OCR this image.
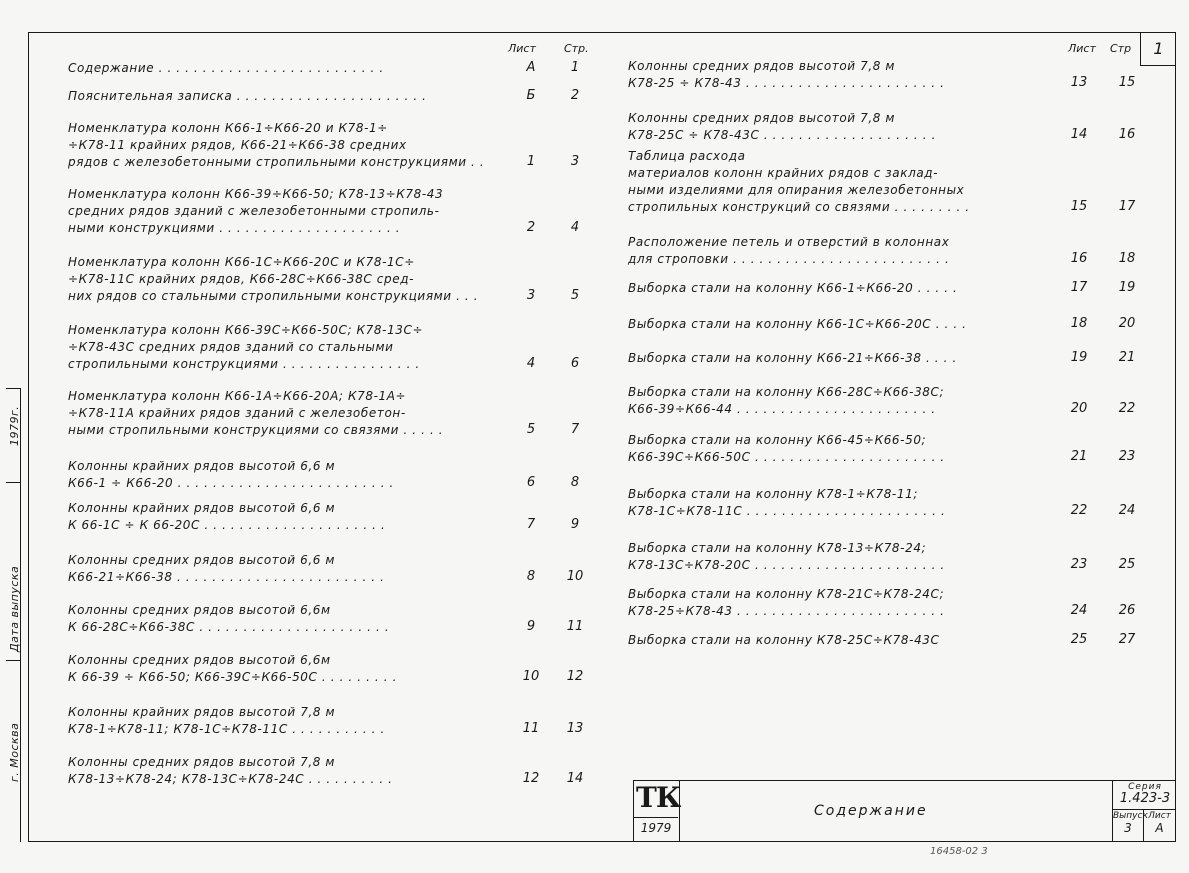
1
1979г.
Дата выпуска
г. Москва
Лист	Стр.	Лист Стр
Содержание . . . . . . . . . . . . . . . . . . . . . . . . . .	А	1
Пояснительная записка . . . . . . . . . . . . . . . . . . . . . .	Б	2
Номенклатура колонн К66-1÷К66-20 и К78-1÷
÷К78-11 крайних рядов, К66-21÷К66-38 средних
рядов с железобетонными стропильными конструкциями . .	1	3
Номенклатура колонн К66-39÷К66-50; К78-13÷К78-43
средних рядов зданий с железобетонными стропиль-
ными конструкциями . . . . . . . . . . . . . . . . . . . . .	2	4
Номенклатура колонн К66-1С÷К66-20С и К78-1С÷
÷К78-11С крайних рядов, К66-28С÷К66-38С сред-
них рядов со стальными стропильными конструкциями . . .	3	5
Номенклатура колонн К66-39С÷К66-50С; К78-13С÷
÷К78-43С средних рядов зданий со стальными
стропильными конструкциями . . . . . . . . . . . . . . . .	4	6
Номенклатура колонн К66-1А÷К66-20А; К78-1А÷
÷К78-11А крайних рядов зданий с железобетон-
ными стропильными конструкциями со связями . . . . .	5	7
Колонны крайних рядов высотой 6,6 м
К66-1 ÷ К66-20 . . . . . . . . . . . . . . . . . . . . . . . . .	6	8
Колонны крайних рядов высотой 6,6 м
К 66-1С ÷ К 66-20С . . . . . . . . . . . . . . . . . . . . .	7	9
Колонны средних рядов высотой 6,6 м
К66-21÷К66-38 . . . . . . . . . . . . . . . . . . . . . . . .	8	10
Колонны средних рядов высотой 6,6м
К 66-28С÷К66-38С . . . . . . . . . . . . . . . . . . . . . .	9	11
Колонны средних рядов высотой 6,6м
К 66-39 ÷ К66-50; К66-39С÷К66-50С . . . . . . . . .	10	12
Колонны крайних рядов высотой 7,8 м
К78-1÷К78-11; К78-1С÷К78-11С . . . . . . . . . . .	11	13
Колонны средних рядов высотой 7,8 м
К78-13÷К78-24; К78-13С÷К78-24С . . . . . . . . . .	12	14
Колонны средних рядов высотой 7,8 м
К78-25 ÷ К78-43 . . . . . . . . . . . . . . . . . . . . . . .	13	15
Колонны средних рядов высотой 7,8 м
К78-25С ÷ К78-43С . . . . . . . . . . . . . . . . . . . .	14	16
Таблица расхода
материалов колонн крайних рядов с заклад-
ными изделиями для опирания железобетонных
стропильных конструкций со связями . . . . . . . . .	15	17
Расположение петель и отверстий в колоннах
для строповки . . . . . . . . . . . . . . . . . . . . . . . . .	16	18
Выборка стали на колонну К66-1÷К66-20 . . . . .	17	19
Выборка стали на колонну К66-1С÷К66-20С . . . .	18	20
Выборка стали на колонну К66-21÷К66-38 . . . .	19	21
Выборка стали на колонну К66-28С÷К66-38С;
К66-39÷К66-44 . . . . . . . . . . . . . . . . . . . . . . .	20	22
Выборка стали на колонну К66-45÷К66-50;
К66-39С÷К66-50С . . . . . . . . . . . . . . . . . . . . . .	21	23
Выборка стали на колонну К78-1÷К78-11;
К78-1С÷К78-11С . . . . . . . . . . . . . . . . . . . . . . .	22	24
Выборка стали на колонну К78-13÷К78-24;
К78-13С÷К78-20С . . . . . . . . . . . . . . . . . . . . . .	23	25
Выборка стали на колонну К78-21С÷К78-24С;
К78-25÷К78-43 . . . . . . . . . . . . . . . . . . . . . . . .	24	26
Выборка стали на колонну К78-25С÷К78-43С	25	27
ТК
1979
Содержание
Серия
1.423-3
Выпуск
3
Лист
А
16458-02 3
